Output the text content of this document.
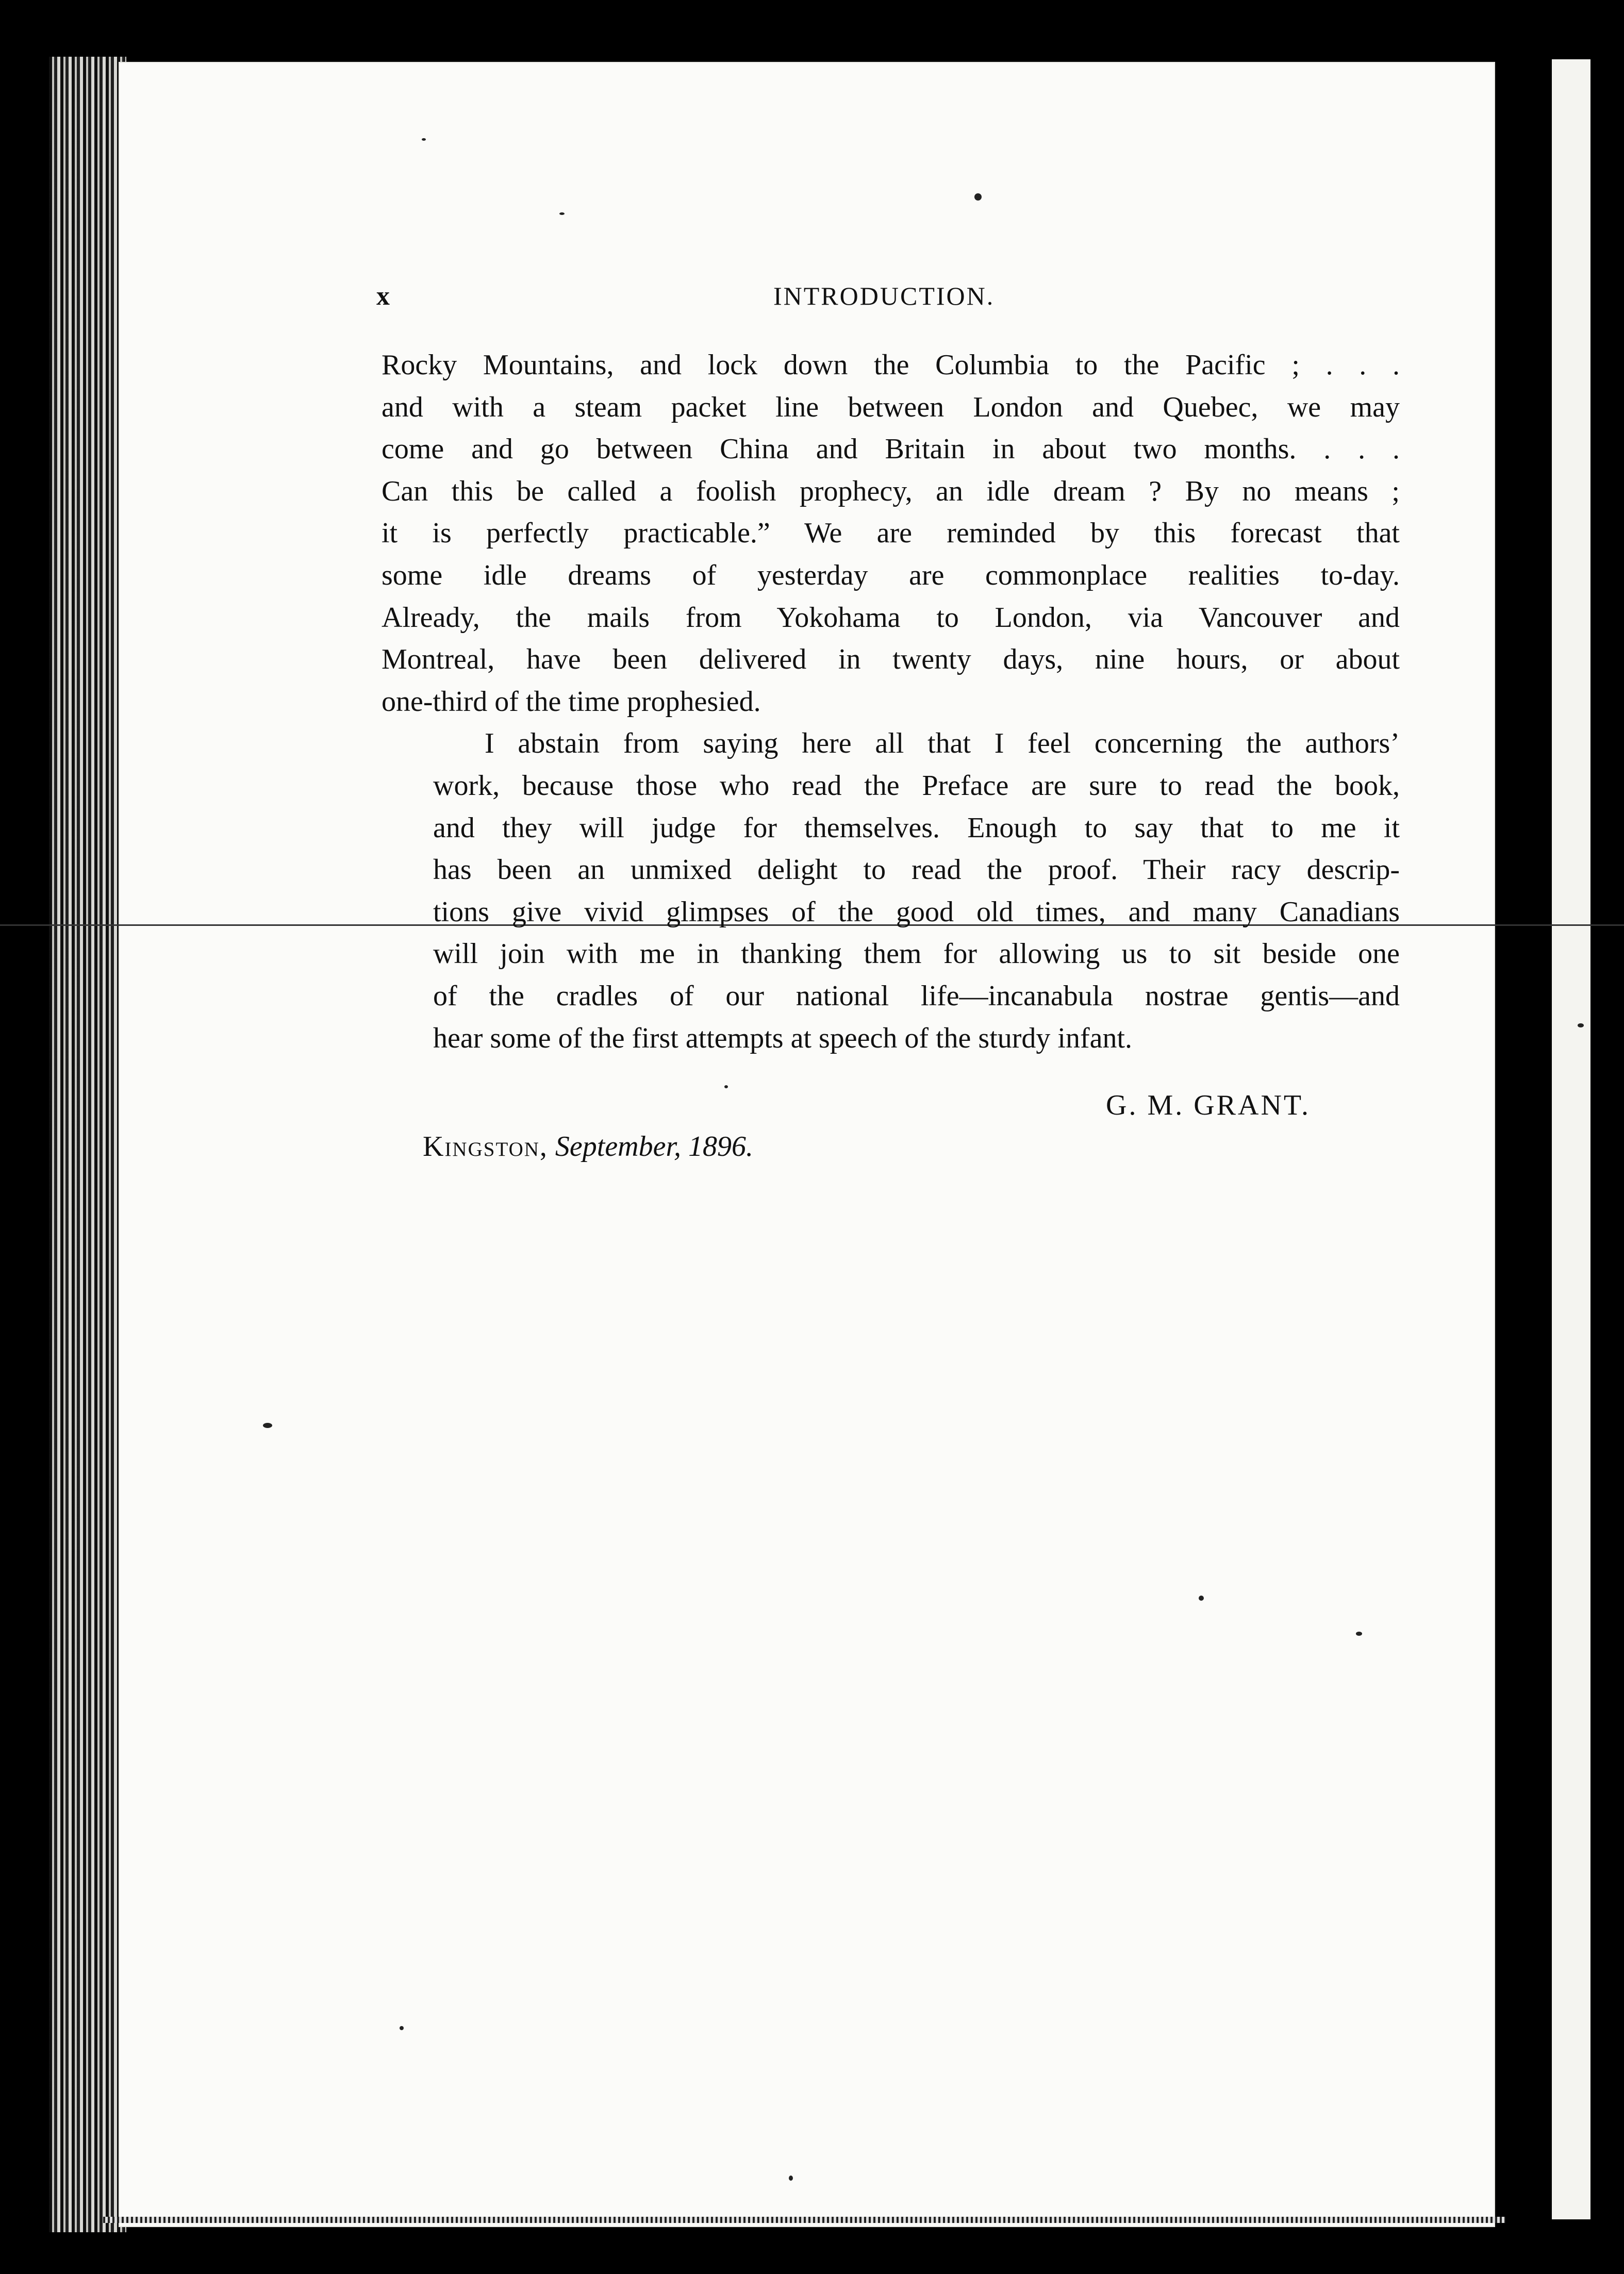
x	INTRODUCTION.

Rocky Mountains, and lock down the Columbia to the Pacific ; . . .
and with a steam packet line between London and Quebec, we may
come and go between China and Britain in about two months. . . .
Can this be called a foolish prophecy, an idle dream ? By no means ;
it is perfectly practicable.” We are reminded by this forecast that
some idle dreams of yesterday are commonplace realities to-day.
Already, the mails from Yokohama to London, via Vancouver and
Montreal, have been delivered in twenty days, nine hours, or about
one-third of the time prophesied.

I abstain from saying here all that I feel concerning the authors’
work, because those who read the Preface are sure to read the book,
and they will judge for themselves. Enough to say that to me it
has been an unmixed delight to read the proof. Their racy descrip-
tions give vivid glimpses of the good old times, and many Canadians
will join with me in thanking them for allowing us to sit beside one
of the cradles of our national life—incanabula nostrae gentis—and
hear some of the first attempts at speech of the sturdy infant.

G. M. GRANT.
Kingston, September, 1896.
